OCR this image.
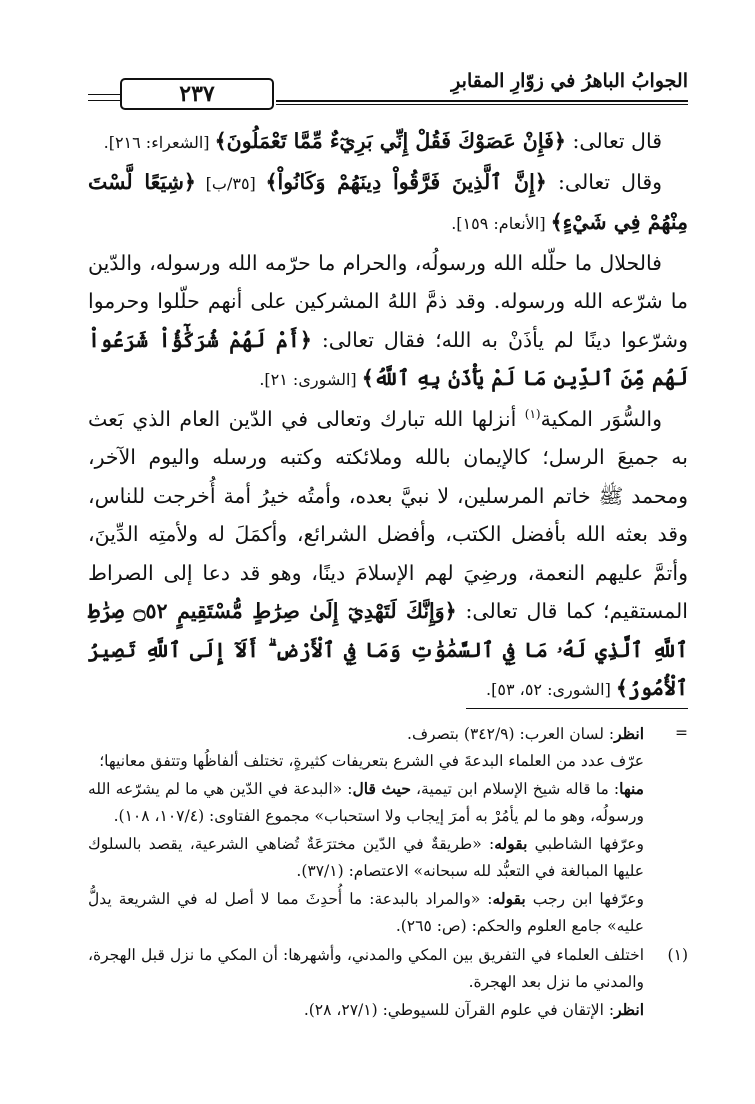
الجوابُ الباهرُ في زوّارِ المقابرِ
٢٣٧

قال تعالى: ﴿فَإِنْ عَصَوْكَ فَقُلْ إِنِّي بَرِيٓءٌ مِّمَّا تَعْمَلُونَ﴾ [الشعراء: ٢١٦].

وقال تعالى: ﴿إِنَّ ٱلَّذِينَ فَرَّقُواْ دِينَهُمْ وَكَانُواْ﴾ [٣٥/ب] ﴿شِيَعًا لَّسْتَ مِنْهُمْ فِي شَيْءٍ﴾ [الأنعام: ١٥٩].

فالحلال ما حلّله الله ورسولُه، والحرام ما حرّمه الله ورسوله، والدّين ما شرّعه الله ورسوله. وقد ذمَّ اللهُ المشركين على أنهم حلّلوا وحرموا وشرّعوا دينًا لم يأذَنْ به الله؛ فقال تعالى: ﴿أَمْ لَهُمْ شُرَكَٰٓؤُاْ شَرَعُواْ لَهُم مِّنَ ٱلدِّينِ مَا لَمْ يَأْذَنۢ بِهِ ٱللَّهُ﴾ [الشورى: ٢١].

والسُّوَر المكية$^{(١)}$ أنزلها الله تبارك وتعالى في الدّين العام الذي بَعث به جميعَ الرسل؛ كالإيمان بالله وملائكته وكتبه ورسله واليوم الآخر، ومحمد ﷺ خاتم المرسلين، لا نبيَّ بعده، وأمتُه خيرُ أمة أُخرجت للناس، وقد بعثه الله بأفضل الكتب، وأفضل الشرائع، وأكمَلَ له ولأمتِه الدِّينَ، وأتمَّ عليهم النعمة، ورضِيَ لهم الإسلامَ دينًا، وهو قد دعا إلى الصراط المستقيم؛ كما قال تعالى: ﴿وَإِنَّكَ لَتَهْدِيٓ إِلَىٰ صِرَٰطٍ مُّسْتَقِيمٍ ۝٥٢ صِرَٰطِ ٱللَّهِ ٱلَّذِي لَهُۥ مَا فِي ٱلسَّمَٰوَٰتِ وَمَا فِي ٱلْأَرْضِ ۗ أَلَآ إِلَى ٱللَّهِ تَصِيرُ ٱلْأُمُورُ﴾ [الشورى: ٥٢، ٥٣].

=

انظر: لسان العرب: (٣٤٢/٩) بتصرف.

عرّف عدد من العلماء البدعةَ في الشرع بتعريفات كثيرةٍ، تختلف ألفاظُها وتتفق معانيها؛

منها: ما قاله شيخ الإسلام ابن تيمية، حيث قال: «البدعة في الدّين هي ما لم يشرّعه الله ورسولُه، وهو ما لم يأمُرْ به أمرَ إيجاب ولا استحباب» مجموع الفتاوى: (١٠٧/٤، ١٠٨).

وعرّفها الشاطبي بقوله: «طريقةٌ في الدّين مخترَعَةٌ تُضاهي الشرعية، يقصد بالسلوك عليها المبالغة في التعبُّد لله سبحانه» الاعتصام: (٣٧/١).

وعرّفها ابن رجب بقوله: «والمراد بالبدعة: ما أُحدِثَ مما لا أصل له في الشريعة يدلُّ عليه» جامع العلوم والحكم: (ص: ٢٦٥).

(١)

اختلف العلماء في التفريق بين المكي والمدني، وأشهرها: أن المكي ما نزل قبل الهجرة، والمدني ما نزل بعد الهجرة.

انظر: الإتقان في علوم القرآن للسيوطي: (٢٧/١، ٢٨).
